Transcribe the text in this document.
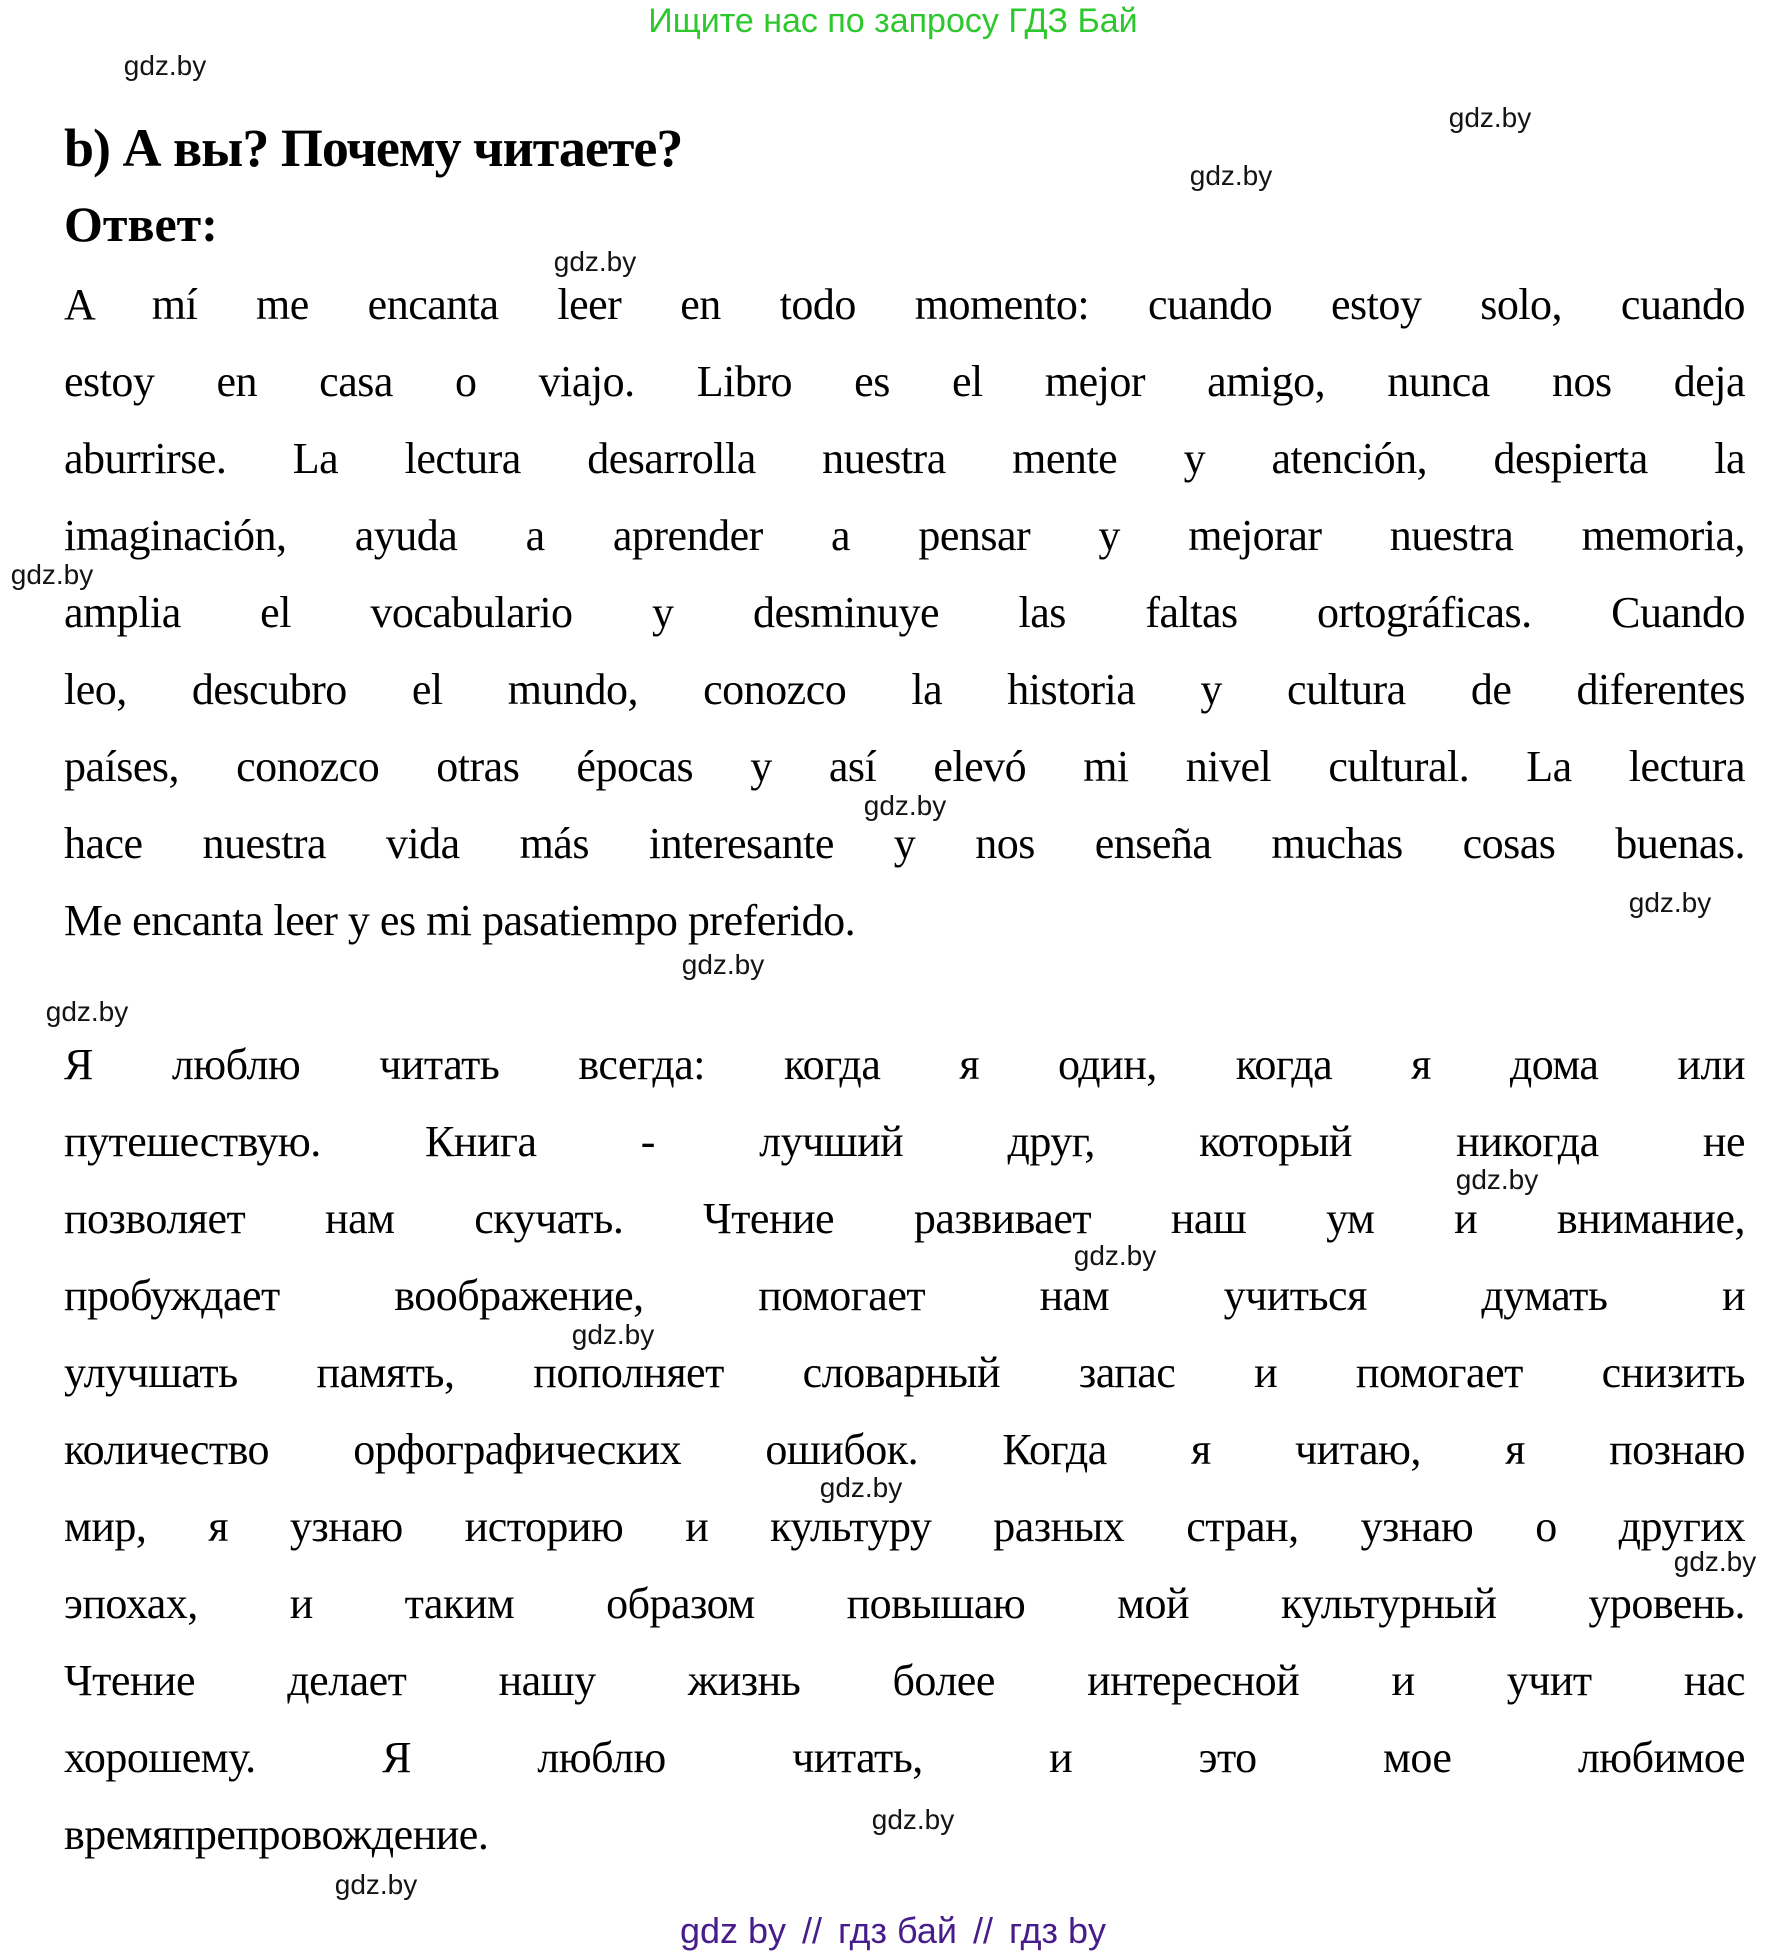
Ищите нас по запросу ГДЗ Бай
gdz.by
gdz.by
gdz.by
gdz.by
gdz.by
gdz.by
gdz.by
gdz.by
gdz.by
gdz.by
gdz.by
gdz.by
gdz.by
gdz.by
gdz.by
gdz.by
b) А вы? Почему читаете?
Ответ:
A mí me encanta leer en todo momento: cuando estoy solo, cuando
estoy en casa o viajo. Libro es el mejor amigo, nunca nos deja
aburrirse. La lectura desarrolla nuestra mente y atención, despierta la
imaginación, ayuda a aprender a pensar y mejorar nuestra memoria,
amplia el vocabulario y desminuye las faltas ortográficas. Cuando
leo, descubro el mundo, conozco la historia y cultura de diferentes
países, conozco otras épocas y así elevó mi nivel cultural. La lectura
hace nuestra vida más interesante y nos enseña muchas cosas buenas.
Me encanta leer y es mi pasatiempo preferido.
Я люблю читать всегда: когда я один, когда я дома или
путешествую. Книга - лучший друг, который никогда не
позволяет нам скучать. Чтение развивает наш ум и внимание,
пробуждает воображение, помогает нам учиться думать и
улучшать память, пополняет словарный запас и помогает снизить
количество орфографических ошибок. Когда я читаю, я познаю
мир, я узнаю историю и культуру разных стран, узнаю о других
эпохах, и таким образом повышаю мой культурный уровень.
Чтение делает нашу жизнь более интересной и учит нас
хорошему. Я люблю читать, и это мое любимое
времяпрепровождение.
gdz by // гдз бай // гдз by
